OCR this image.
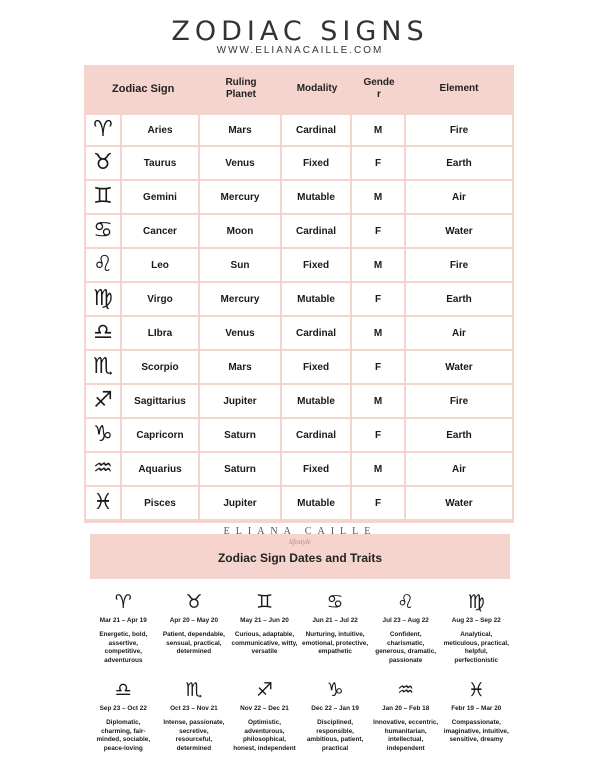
ZODIAC SIGNS
WWW.ELIANACAILLE.COM
Zodiac Sign		Ruling Planet	Modality	Gende r	Element
♈︎	Aries	Mars	Cardinal	M	Fire
♉︎	Taurus	Venus	Fixed	F	Earth
♊︎	Gemini	Mercury	Mutable	M	Air
♋︎	Cancer	Moon	Cardinal	F	Water
♌︎	Leo	Sun	Fixed	M	Fire
♍︎	Virgo	Mercury	Mutable	F	Earth
♎︎	LIbra	Venus	Cardinal	M	Air
♏︎	Scorpio	Mars	Fixed	F	Water
♐︎	Sagittarius	Jupiter	Mutable	M	Fire
♑︎	Capricorn	Saturn	Cardinal	F	Earth
♒︎	Aquarius	Saturn	Fixed	M	Air
♓︎	Pisces	Jupiter	Mutable	F	Water
ELIANA CAILLE
lifestyle
Zodiac Sign Dates and Traits
♈︎
Mar 21 – Apr 19
Energetic, bold, assertive, competitive, adventurous
♉︎
Apr 20 – May 20
Patient, dependable, sensual, practical, determined
♊︎
May 21 – Jun 20
Curious, adaptable, communicative, witty, versatile
♋︎
Jun 21 – Jul 22
Nurturing, intuitive, emotional, protective, empathetic
♌︎
Jul 23 – Aug 22
Confident, charismatic, generous, dramatic, passionate
♍︎
Aug 23 – Sep 22
Analytical, meticulous, practical, helpful, perfectionistic
♎︎
Sep 23 – Oct 22
Diplomatic, charming, fair-minded, sociable, peace-loving
♏︎
Oct 23 – Nov 21
Intense, passionate, secretive, resourceful, determined
♐︎
Nov 22 – Dec 21
Optimistic, adventurous, philosophical, honest, independent
♑︎
Dec 22 – Jan 19
Disciplined, responsible, ambitious, patient, practical
♒︎
Jan 20 – Feb 18
Innovative, eccentric, humanitarian, intellectual, independent
♓︎
Febr 19 – Mar 20
Compassionate, imaginative, intuitive, sensitive, dreamy
